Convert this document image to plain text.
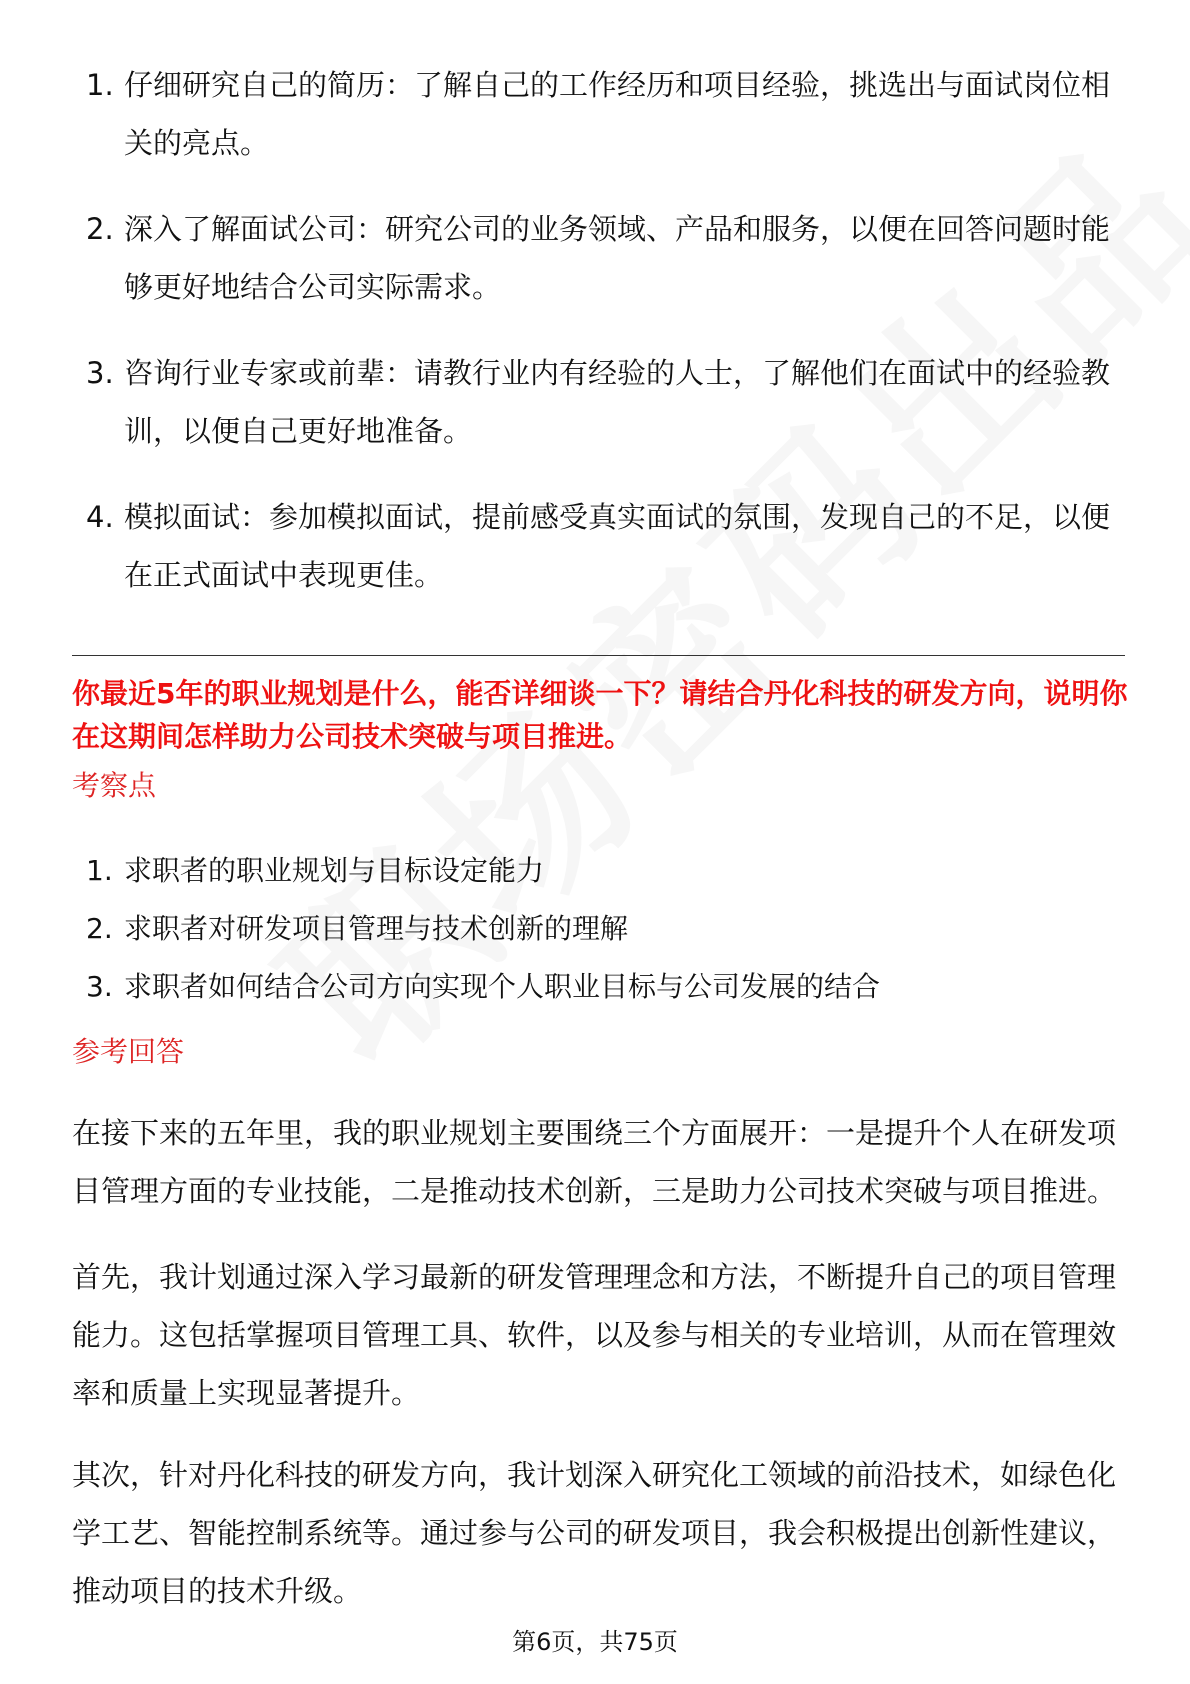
1. 仔细研究自己的简历：了解自己的工作经历和项目经验，挑选出与面试岗位相关的亮点。
2. 深入了解面试公司：研究公司的业务领域、产品和服务，以便在回答问题时能够更好地结合公司实际需求。
3. 咨询行业专家或前辈：请教行业内有经验的人士，了解他们在面试中的经验教训，以便自己更好地准备。
4. 模拟面试：参加模拟面试，提前感受真实面试的氛围，发现自己的不足，以便在正式面试中表现更佳。
你最近5年的职业规划是什么，能否详细谈一下？请结合丹化科技的研发方向，说明你在这期间怎样助力公司技术突破与项目推进。
考察点
1. 求职者的职业规划与目标设定能力
2. 求职者对研发项目管理与技术创新的理解
3. 求职者如何结合公司方向实现个人职业目标与公司发展的结合
参考回答

在接下来的五年里，我的职业规划主要围绕三个方面展开：一是提升个人在研发项目管理方面的专业技能，二是推动技术创新，三是助力公司技术突破与项目推进。

首先，我计划通过深入学习最新的研发管理理念和方法，不断提升自己的项目管理能力。这包括掌握项目管理工具、软件，以及参与相关的专业培训，从而在管理效率和质量上实现显著提升。

其次，针对丹化科技的研发方向，我计划深入研究化工领域的前沿技术，如绿色化学工艺、智能控制系统等。通过参与公司的研发项目，我会积极提出创新性建议，推动项目的技术升级。

第6页，共75页
